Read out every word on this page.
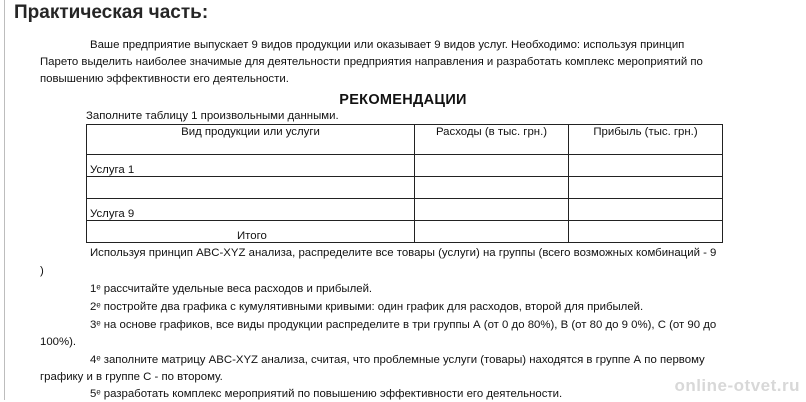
Практическая часть:
Ваше предприятие выпускает 9 видов продукции или оказывает 9 видов услуг. Необходимо: используя принцип
Парето выделить наиболее значимые для деятельности предприятия направления и разработать комплекс мероприятий по
повышению эффективности его деятельности.
РЕКОМЕНДАЦИИ
Заполните таблицу 1 произвольными данными.
Вид продукции или услуги	Расходы (в тыс. грн.)	Прибыль (тыс. грн.)
Услуга 1		

Услуга 9		
Итого		
Используя принцип ABC-XYZ анализа, распределите все товары (услуги) на группы (всего возможных комбинаций - 9
)
1ᵉ рассчитайте удельные веса расходов и прибылей.
2ᵉ постройте два графика с кумулятивными кривыми: один график для расходов, второй для прибылей.
3ᵉ на основе графиков, все виды продукции распределите в три группы А (от 0 до 80%), В (от 80 до 9 0%), С (от 90 до
100%).
4ᵉ заполните матрицу ABC-XYZ анализа, считая, что проблемные услуги (товары) находятся в группе А по первому
графику и в группе С - по второму.
5ᵉ разработать комплекс мероприятий по повышению эффективности его деятельности.	online-otvet.ru
